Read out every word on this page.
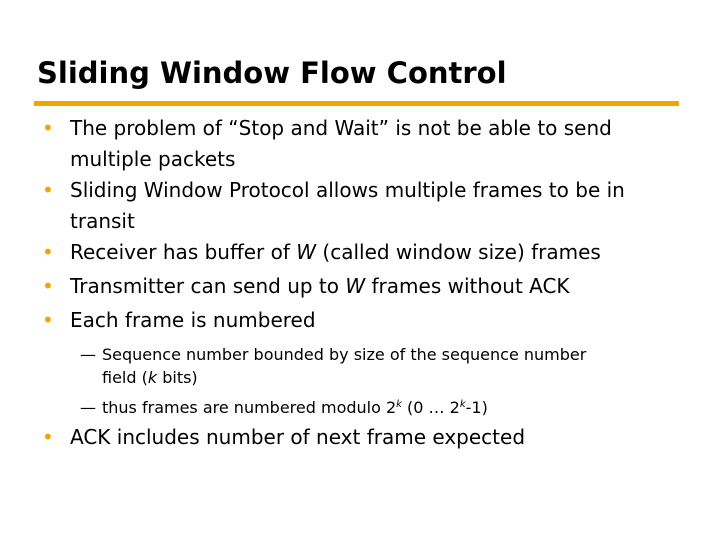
Sliding Window Flow Control
• The problem of “Stop and Wait” is not be able to send
multiple packets
• Sliding Window Protocol allows multiple frames to be in
transit
• Receiver has buffer of W (called window size) frames
• Transmitter can send up to W frames without ACK
• Each frame is numbered
— Sequence number bounded by size of the sequence number
field (k bits)
— thus frames are numbered modulo 2$^k$ (0 … 2$^k$-1)
• ACK includes number of next frame expected
